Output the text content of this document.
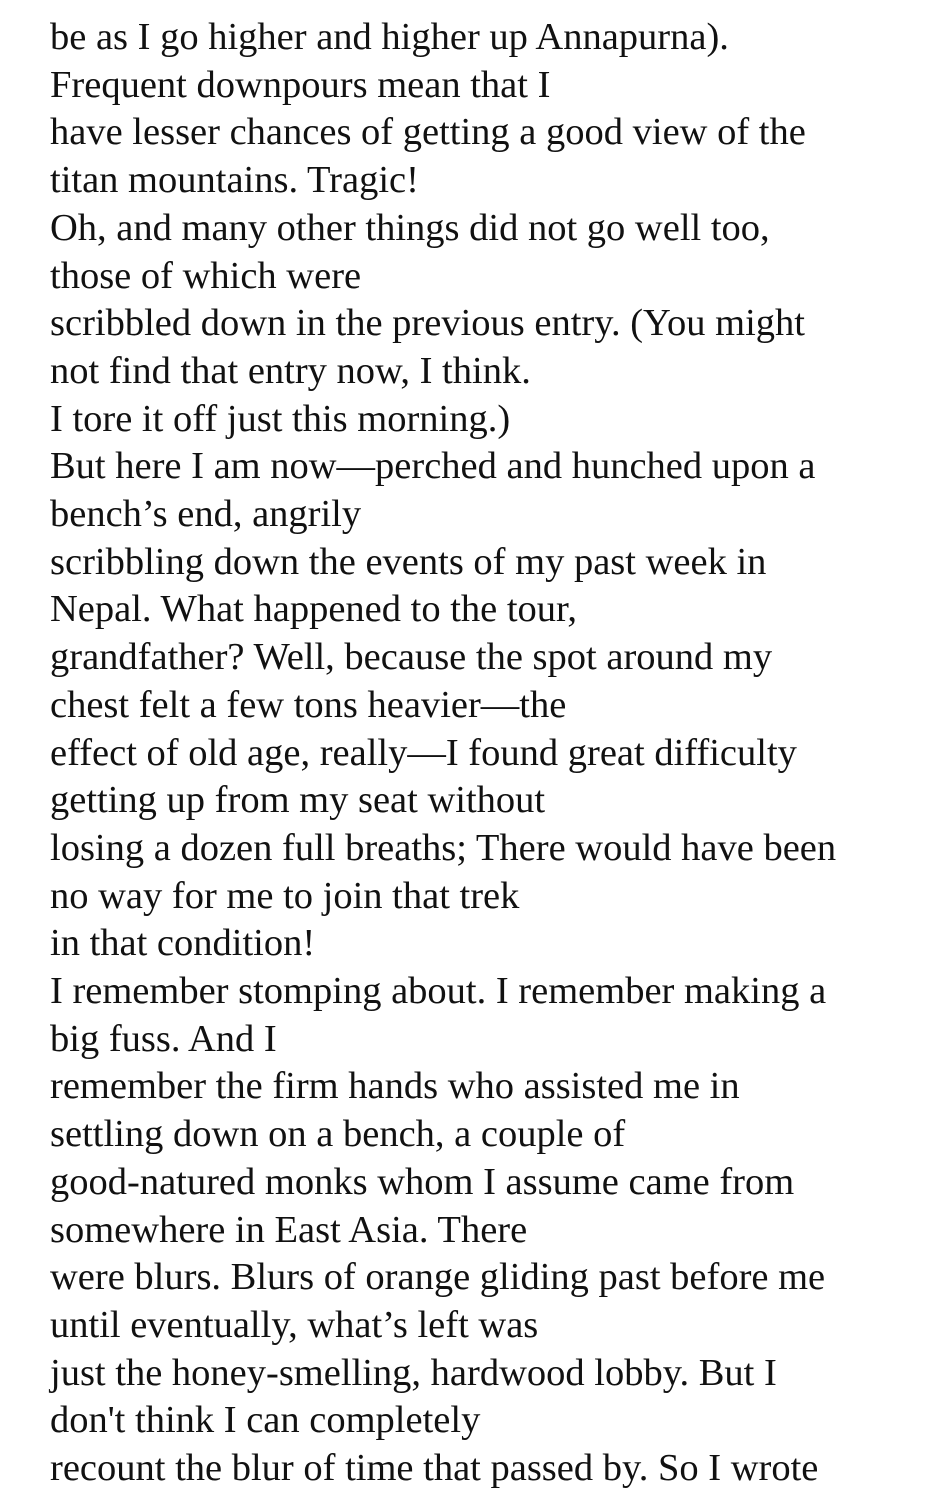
be as I go higher and higher up Annapurna).
Frequent downpours mean that I
have lesser chances of getting a good view of the
titan mountains. Tragic!
Oh, and many other things did not go well too,
those of which were
scribbled down in the previous entry. (You might
not find that entry now, I think.
I tore it off just this morning.)
But here I am now—perched and hunched upon a
bench’s end, angrily
scribbling down the events of my past week in
Nepal. What happened to the tour,
grandfather? Well, because the spot around my
chest felt a few tons heavier—the
effect of old age, really—I found great difficulty
getting up from my seat without
losing a dozen full breaths; There would have been
no way for me to join that trek
in that condition!
I remember stomping about. I remember making a
big fuss. And I
remember the firm hands who assisted me in
settling down on a bench, a couple of
good-natured monks whom I assume came from
somewhere in East Asia. There
were blurs. Blurs of orange gliding past before me
until eventually, what’s left was
just the honey-smelling, hardwood lobby. But I
don't think I can completely
recount the blur of time that passed by. So I wrote
